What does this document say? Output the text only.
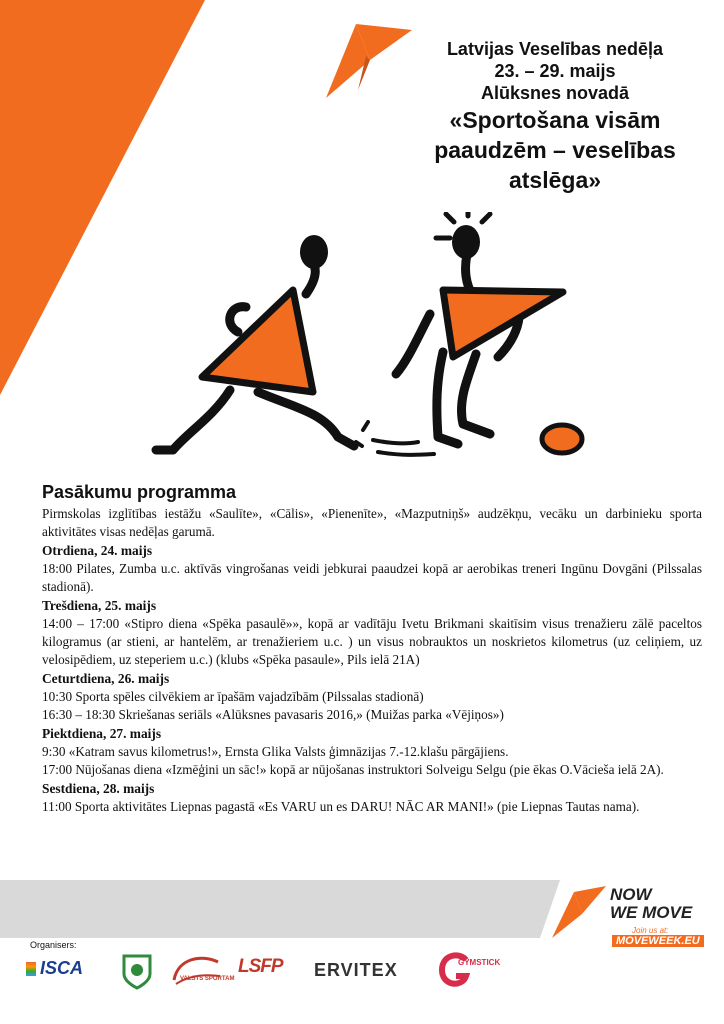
Latvijas Veselības nedēļa
23. – 29. maijs
Alūksnes novadā
«Sportošana visām
paaudzēm – veselības
atslēga»
Pasākumu programma

Pirmskolas izglītības iestāžu «Saulīte», «Cālis», «Pienenīte», «Mazputniņš» audzēkņu, vecāku un darbinieku sporta aktivitātes visas nedēļas garumā.

Otrdiena, 24. maijs

18:00 Pilates, Zumba u.c. aktīvās vingrošanas veidi jebkurai paaudzei kopā ar aerobikas treneri Ingūnu Dovgāni (Pilssalas stadionā).

Trešdiena, 25. maijs

14:00 – 17:00 «Stipro diena «Spēka pasaulē»», kopā ar vadītāju Ivetu Brikmani skaitīsim visus trenažieru zālē paceltos kilogramus (ar stieni, ar hantelēm, ar trenažieriem u.c. ) un visus nobrauktos un noskrietos kilometrus (uz celiņiem, uz velosipēdiem, uz steperiem u.c.) (klubs «Spēka pasaule», Pils ielā 21A)

Ceturtdiena, 26. maijs

10:30 Sporta spēles cilvēkiem ar īpašām vajadzībām (Pilssalas stadionā)

16:30 – 18:30 Skriešanas seriāls «Alūksnes pavasaris 2016,» (Muižas parka «Vējiņos»)

Piektdiena, 27. maijs

9:30 «Katram savus kilometrus!», Ernsta Glika Valsts ģimnāzijas 7.-12.klašu pārgājiens.

17:00 Nūjošanas diena «Izmēģini un sāc!» kopā ar nūjošanas instruktori Solveigu Selgu (pie ēkas O.Vācieša ielā 2A).

Sestdiena, 28. maijs

11:00 Sporta aktivitātes Liepnas pagastā «Es VARU un es DARU! NĀC AR MANI!» (pie Liepnas Tautas nama).

NOW
WE MOVE
Join us at:
MOVEWEEK.EU
Organisers:
ISCA
VALSTS SPORTAM
LSFP ERVITEX	GYMSTICK
